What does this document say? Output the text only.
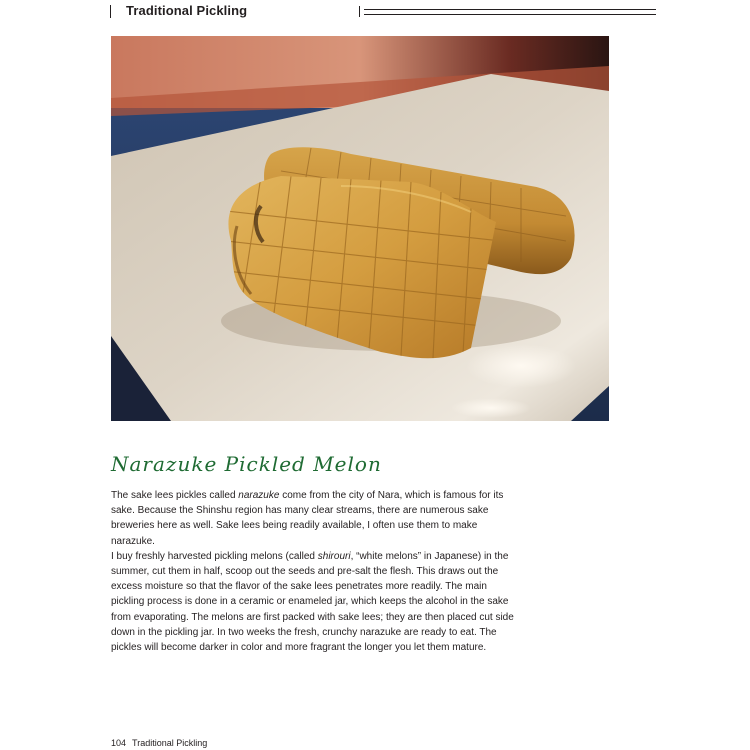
Traditional Pickling
Narazuke Pickled Melon

The sake lees pickles called narazuke come from the city of Nara, which is famous for its sake. Because the Shinshu region has many clear streams, there are numerous sake breweries here as well. Sake lees being readily available, I often use them to make narazuke.

I buy freshly harvested pickling melons (called shirouri, “white melons” in Japanese) in the summer, cut them in half, scoop out the seeds and pre-salt the flesh. This draws out the excess moisture so that the flavor of the sake lees penetrates more readily. The main pickling process is done in a ceramic or enameled jar, which keeps the alcohol in the sake from evaporating. The melons are first packed with sake lees; they are then placed cut side down in the pickling jar. In two weeks the fresh, crunchy narazuke are ready to eat. The pickles will become darker in color and more fragrant the longer you let them mature.

104 Traditional Pickling
